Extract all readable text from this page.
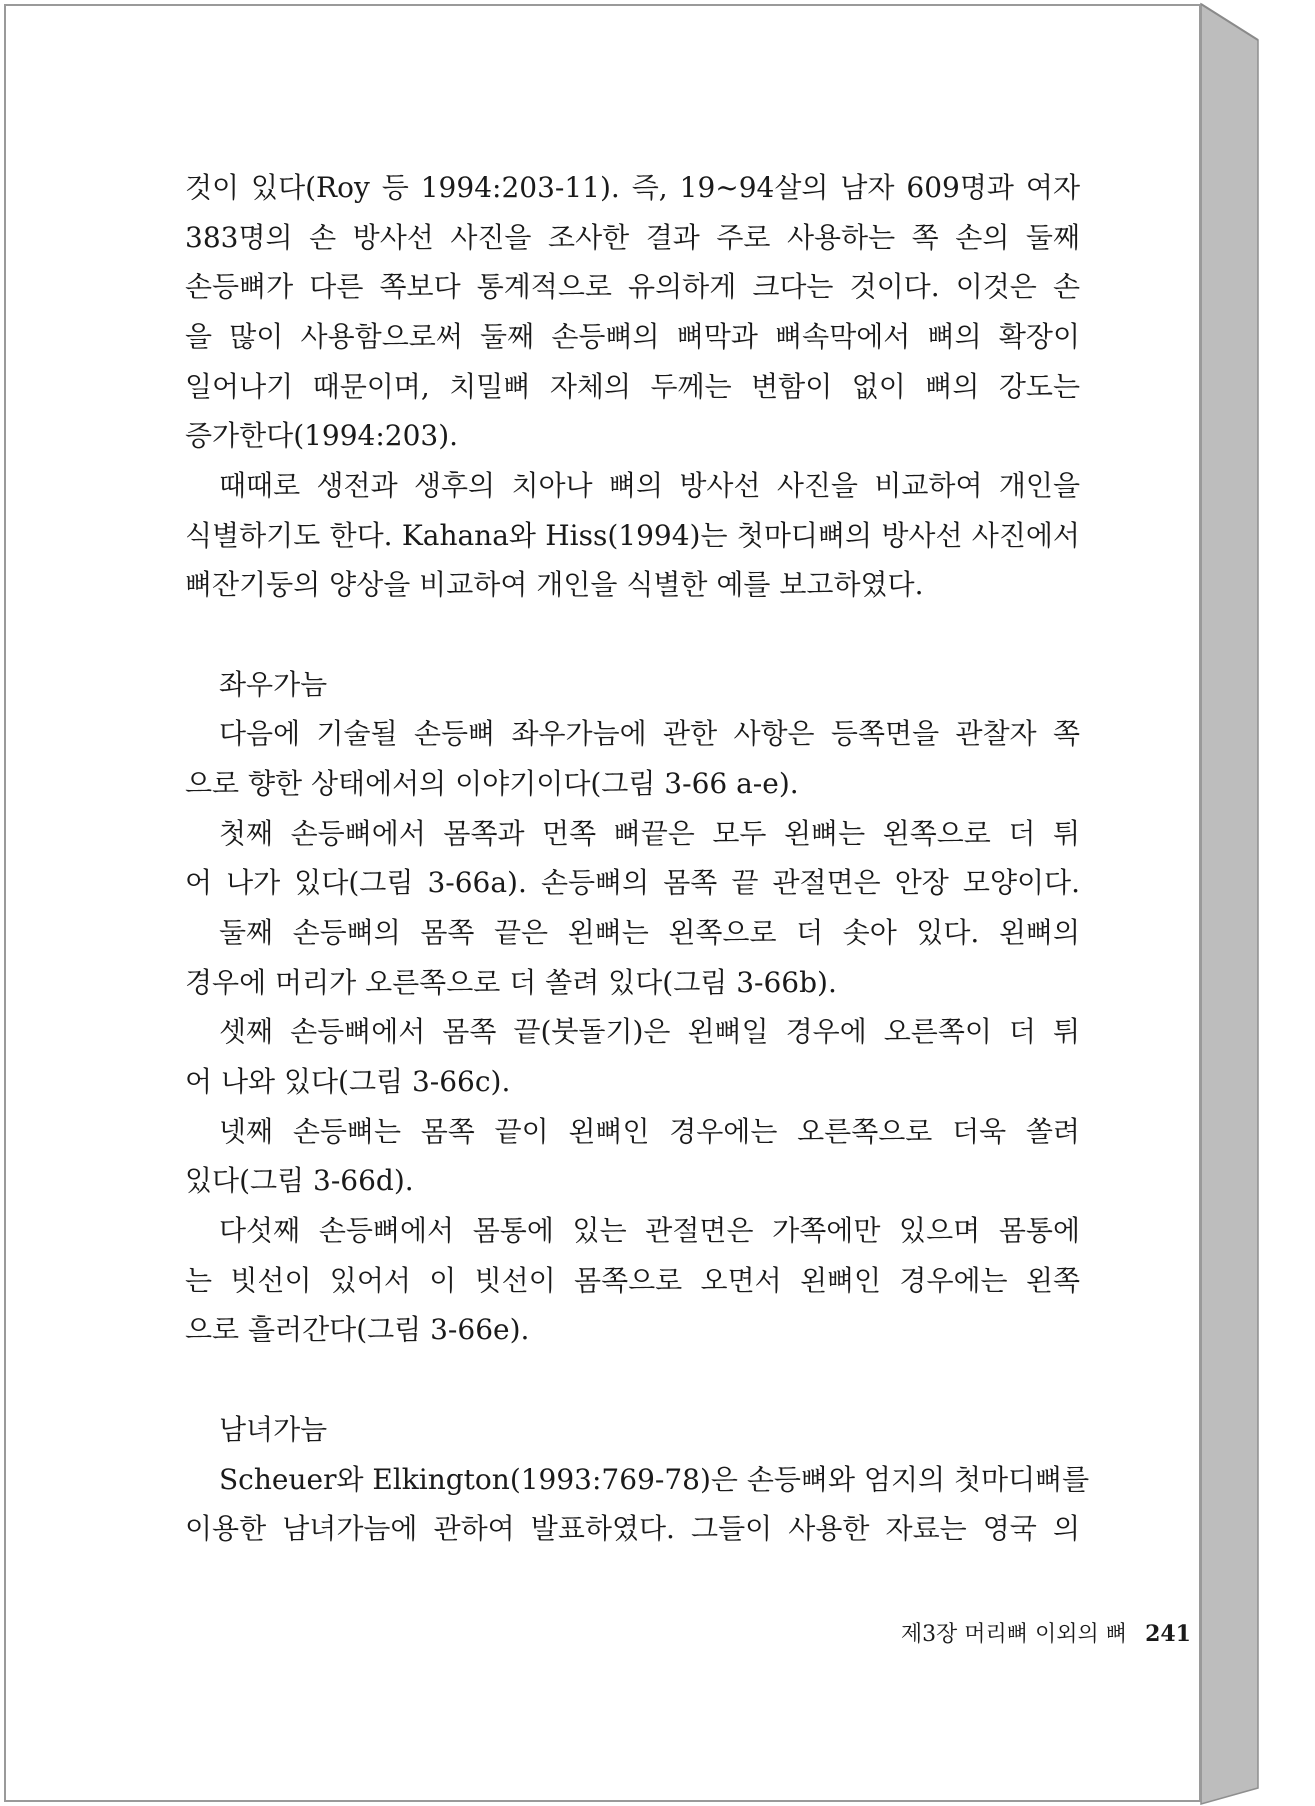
것이 있다(Roy 등 1994:203-11). 즉, 19~94살의 남자 609명과 여자
383명의 손 방사선 사진을 조사한 결과 주로 사용하는 쪽 손의 둘째
손등뼈가 다른 쪽보다 통계적으로 유의하게 크다는 것이다. 이것은 손
을 많이 사용함으로써 둘째 손등뼈의 뼈막과 뼈속막에서 뼈의 확장이
일어나기 때문이며, 치밀뼈 자체의 두께는 변함이 없이 뼈의 강도는
증가한다(1994:203).
때때로 생전과 생후의 치아나 뼈의 방사선 사진을 비교하여 개인을
식별하기도 한다. Kahana와 Hiss(1994)는 첫마디뼈의 방사선 사진에서
뼈잔기둥의 양상을 비교하여 개인을 식별한 예를 보고하였다.
좌우가늠
다음에 기술될 손등뼈 좌우가늠에 관한 사항은 등쪽면을 관찰자 쪽
으로 향한 상태에서의 이야기이다(그림 3-66 a-e).
첫째 손등뼈에서 몸쪽과 먼쪽 뼈끝은 모두 왼뼈는 왼쪽으로 더 튀
어 나가 있다(그림 3-66a). 손등뼈의 몸쪽 끝 관절면은 안장 모양이다.
둘째 손등뼈의 몸쪽 끝은 왼뼈는 왼쪽으로 더 솟아 있다. 왼뼈의
경우에 머리가 오른쪽으로 더 쏠려 있다(그림 3-66b).
셋째 손등뼈에서 몸쪽 끝(붓돌기)은 왼뼈일 경우에 오른쪽이 더 튀
어 나와 있다(그림 3-66c).
넷째 손등뼈는 몸쪽 끝이 왼뼈인 경우에는 오른쪽으로 더욱 쏠려
있다(그림 3-66d).
다섯째 손등뼈에서 몸통에 있는 관절면은 가쪽에만 있으며 몸통에
는 빗선이 있어서 이 빗선이 몸쪽으로 오면서 왼뼈인 경우에는 왼쪽
으로 흘러간다(그림 3-66e).
남녀가늠
Scheuer와 Elkington(1993:769-78)은 손등뼈와 엄지의 첫마디뼈를
이용한 남녀가늠에 관하여 발표하였다. 그들이 사용한 자료는 영국 의
제3장 머리뼈 이외의 뼈 241
